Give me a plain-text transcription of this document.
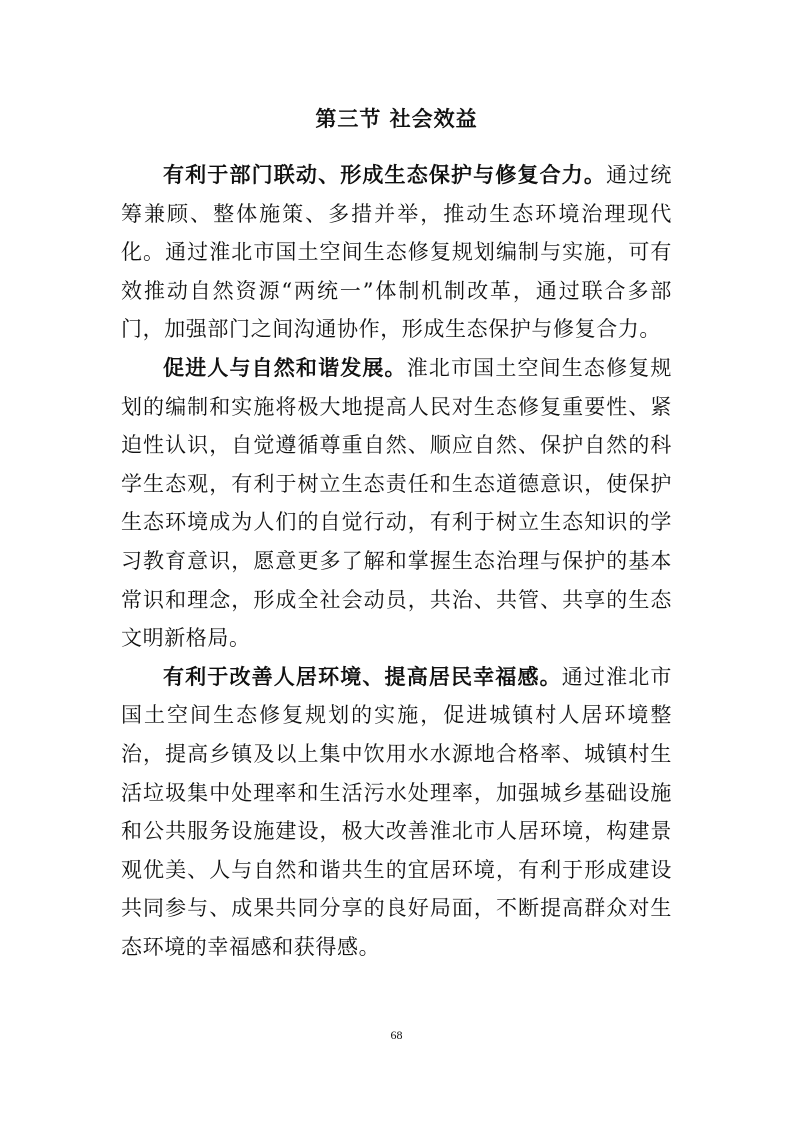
第三节 社会效益

有利于部门联动、形成生态保护与修复合力。通过统筹兼顾、整体施策、多措并举，推动生态环境治理现代化。通过淮北市国土空间生态修复规划编制与实施，可有效推动自然资源“两统一”体制机制改革，通过联合多部门，加强部门之间沟通协作，形成生态保护与修复合力。

促进人与自然和谐发展。淮北市国土空间生态修复规划的编制和实施将极大地提高人民对生态修复重要性、紧迫性认识，自觉遵循尊重自然、顺应自然、保护自然的科学生态观，有利于树立生态责任和生态道德意识，使保护生态环境成为人们的自觉行动，有利于树立生态知识的学习教育意识，愿意更多了解和掌握生态治理与保护的基本常识和理念，形成全社会动员，共治、共管、共享的生态文明新格局。

有利于改善人居环境、提高居民幸福感。通过淮北市国土空间生态修复规划的实施，促进城镇村人居环境整治，提高乡镇及以上集中饮用水水源地合格率、城镇村生活垃圾集中处理率和生活污水处理率，加强城乡基础设施和公共服务设施建设，极大改善淮北市人居环境，构建景观优美、人与自然和谐共生的宜居环境，有利于形成建设共同参与、成果共同分享的良好局面，不断提高群众对生态环境的幸福感和获得感。

68
